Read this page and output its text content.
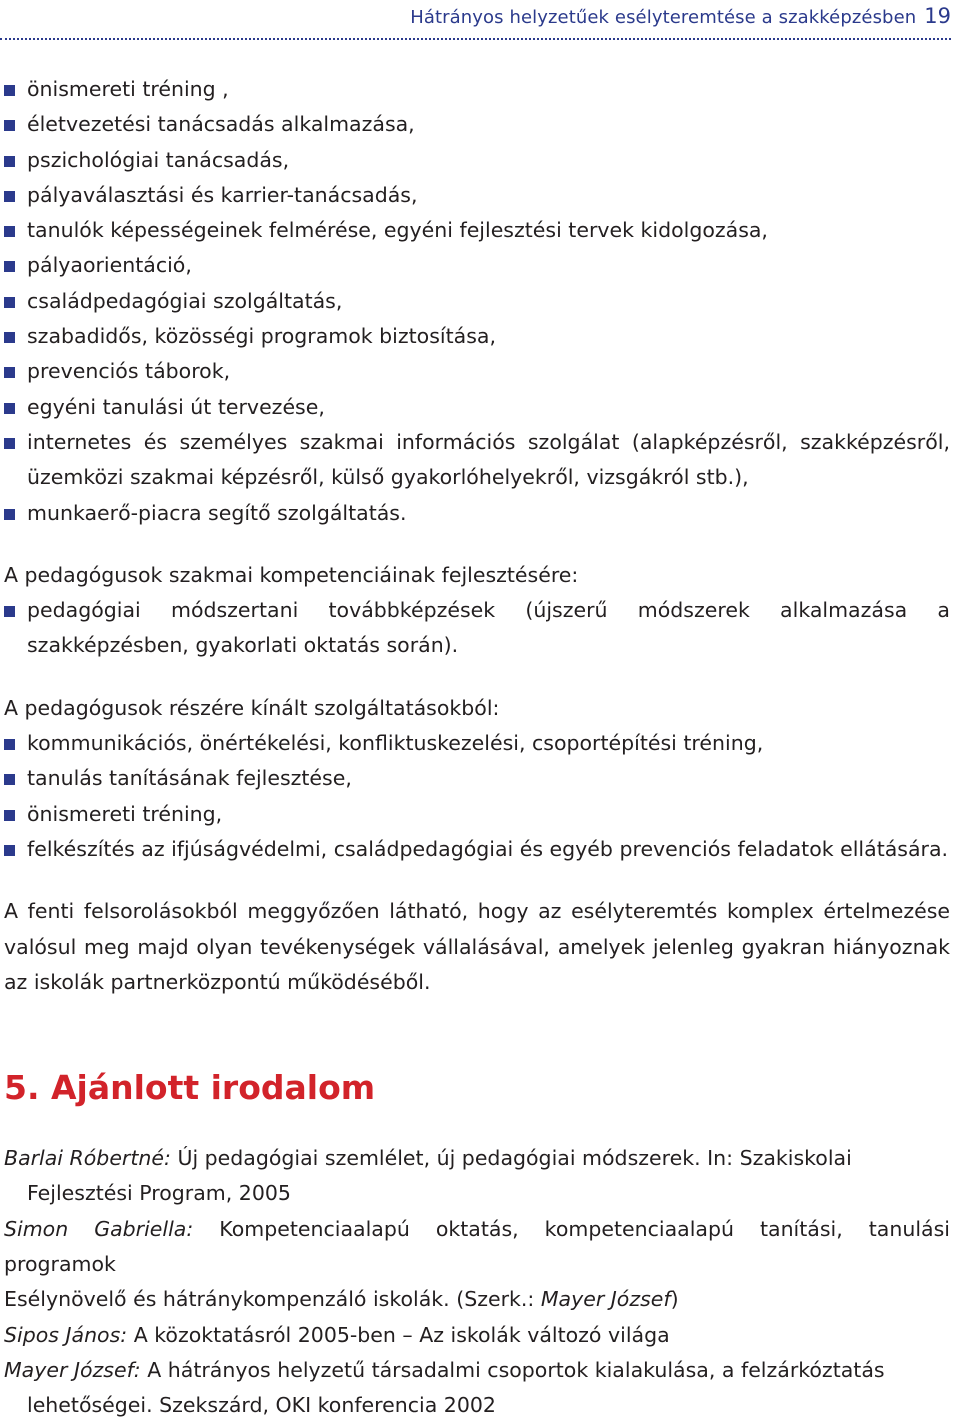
Hátrányos helyzetűek esélyteremtése a szakképzésben 19
önismereti tréning ,
életvezetési tanácsadás alkalmazása,
pszichológiai tanácsadás,
pályaválasztási és karrier-tanácsadás,
tanulók képességeinek felmérése, egyéni fejlesztési tervek kidolgozása,
pályaorientáció,
családpedagógiai szolgáltatás,
szabadidős, közösségi programok biztosítása,
prevenciós táborok,
egyéni tanulási út tervezése,
internetes és személyes szakmai információs szolgálat (alapképzésről, szakképzésről, üzemközi szakmai képzésről, külső gyakorlóhelyekről, vizsgákról stb.),
munkaerő-piacra segítő szolgáltatás.

A pedagógusok szakmai kompetenciáinak fejlesztésére:

pedagógiai módszertani továbbképzések (újszerű módszerek alkalmazása a szakképzésben, gyakorlati oktatás során).

A pedagógusok részére kínált szolgáltatásokból:

kommunikációs, önértékelési, konfliktuskezelési, csoportépítési tréning,
tanulás tanításának fejlesztése,
önismereti tréning,
felkészítés az ifjúságvédelmi, családpedagógiai és egyéb prevenciós feladatok ellátására.

A fenti felsorolásokból meggyőzően látható, hogy az esélyteremtés komplex értelmezése valósul meg majd olyan tevékenységek vállalásával, amelyek jelenleg gyakran hiányoznak az iskolák partnerközpontú működéséből.

5. Ajánlott irodalom

Barlai Róbertné: Új pedagógiai szemlélet, új pedagógiai módszerek. In: Szakiskolai
Fejlesztési Program, 2005

Simon Gabriella: Kompetenciaalapú oktatás, kompetenciaalapú tanítási, tanulási programok

Esélynövelő és hátránykompenzáló iskolák. (Szerk.: Mayer József)

Sipos János: A közoktatásról 2005-ben – Az iskolák változó világa

Mayer József: A hátrányos helyzetű társadalmi csoportok kialakulása, a felzárkóztatás
lehetőségei. Szekszárd, OKI konferencia 2002
